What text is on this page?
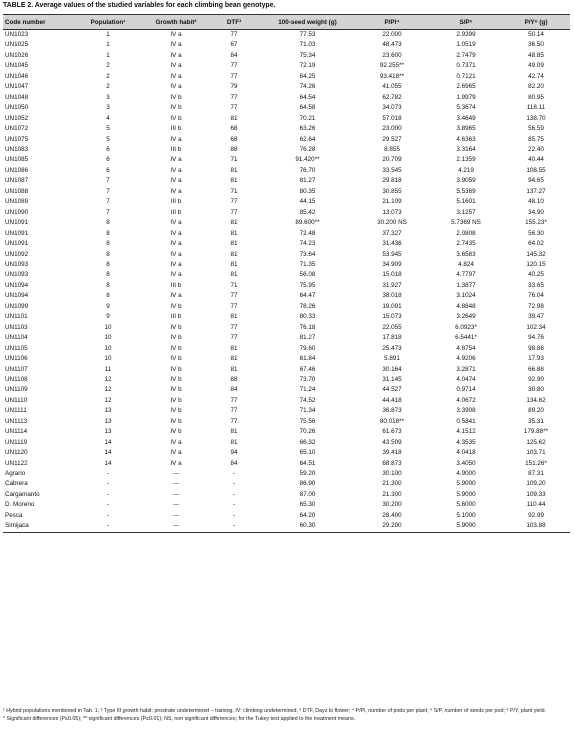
TABLE 2. Average values of the studied variables for each climbing bean genotype.
Code number	Population¹	Growth habit²	DTF³	100-seed weight (g)	P/Pl⁴	S/P⁵	P/Y⁶ (g)
UN1023	1	IV a	77	77.53	22.000	2.9399	50.14
UN1025	1	IV a	67	71.03	48.473	1.0519	36.50
UN1026	1	IV a	84	75.34	23.600	2.7479	48.85
UN1045	2	IV a	77	72.19	92.255**	0.7371	49.09
UN1046	2	IV a	77	64.25	93.418**	0.7121	42.74
UN1047	2	IV a	79	74.26	41.055	2.6965	82.20
UN1048	3	IV b	77	64.54	62.782	1.9979	80.95
UN1050	3	IV b	77	64.58	34.073	5.3674	118.11
UN1052	4	IV b	81	70.21	57.018	3.4649	138.70
UN1072	5	III b	68	63.26	23.000	3.8965	56.59
UN1075	5	IV a	68	62.64	29.527	4.6363	85.75
UN1083	6	III b	88	76.28	8.855	3.3164	22.40
UN1085	6	IV a	71	91.420**	20.709	2.1359	40.44
UN1086	6	IV a	81	76.70	33.545	4.219	108.55
UN1087	7	IV a	81	81.27	29.818	3.9059	94.65
UN1088	7	IV a	71	80.35	30.855	5.5369	137.27
UN1089	7	III b	77	44.15	21.109	5.1601	48.10
UN1090	7	III b	77	85.42	13.073	3.1257	34.90
UN1091	8	IV a	81	89.600**	30.200 NS	5.7369 NS	155.23*
UN1091	8	IV a	81	72.48	37.327	2.0808	56.30
UN1091	8	IV a	81	74.23	31.436	2.7435	64.02
UN1092	8	IV a	81	73.64	53.945	3.6583	145.32
UN1093	8	IV a	81	71.35	34.909	4.824	120.15
UN1093	8	IV a	81	56.08	15.018	4.7797	40.25
UN1094	8	III b	71	75.95	31.927	1.3877	33.65
UN1094	8	IV a	77	64.47	38.018	3.1024	76.04
UN1099	9	IV b	77	78.26	19.091	4.8848	72.98
UN1101	9	III b	81	80.33	15.073	3.2649	39.47
UN1103	10	IV b	77	76.18	22.055	6.0923*	102.34
UN1104	10	IV b	77	81.27	17.818	6.5441*	94.76
UN1105	10	IV b	81	79.60	25.473	4.8754	98.86
UN1106	10	IV b	81	61.84	5.891	4.9206	17.93
UN1107	11	IV b	81	67.46	30.164	3.2871	66.88
UN1108	12	IV b	88	73.70	31.145	4.0474	92.90
UN1109	12	IV b	84	71.24	44.527	0.9714	30.80
UN1110	12	IV b	77	74.52	44.418	4.0672	134.62
UN1111	13	IV b	77	71.34	36.873	3.3908	89.20
UN1113	13	IV b	77	75.56	80.018**	0.5841	35.31
UN1114	13	IV b	81	70.26	61.673	4.1512	179.88**
UN1119	14	IV a	81	66.32	43.509	4.3535	125.62
UN1120	14	IV a	94	65.10	39.418	4.0418	103.71
UN1122	14	IV a	84	64.51	68.873	3.4050	151.26*
Agrario	-	---	-	59.20	30.100	4.9000	87.31
Cabrera	-	---	-	86.90	21.300	5.9000	109.20
Cargamanto	-	---	-	87.00	21.300	5.9000	109.33
D. Moreno	-	---	-	65.30	30.200	5.6000	110.44
Pesca	-	---	-	64.20	28.400	5.1000	92.99
Simijaca	-	---	-	60.30	29.200	5.9000	103.88
¹ Hybrid populations mentioned in Tab. 1; ² Type III growth habit: prostrate undetermined – training, IV: climbing undetermined; ³ DTF, Days to flower; ⁴ P/Pl, number of pods per plant; ⁵ S/P, number of seeds per pod; ⁶ P/Y, plant yield.
* Significant differences (P≤0.05); ** significant differences (P≤0.01); NS, non significant differences; for the Tukey test applied to the treatment means.
